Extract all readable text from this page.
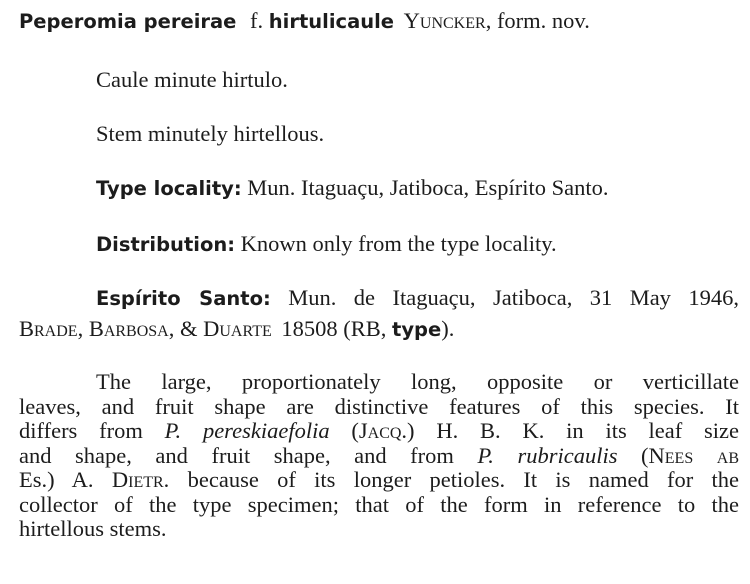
Peperomia pereirae f. hirtulicaule Yuncker, form. nov.
Caule minute hirtulo.
Stem minutely hirtellous.
Type locality: Mun. Itaguaçu, Jatiboca, Espírito Santo.
Distribution: Known only from the type locality.
Espírito Santo: Mun. de Itaguaçu, Jatiboca, 31 May 1946,
Brade, Barbosa, & Duarte 18508 (RB, type).
The large, proportionately long, opposite or verticillate
leaves, and fruit shape are distinctive features of this species. It
differs from P. pereskiaefolia (Jacq.) H. B. K. in its leaf size
and shape, and fruit shape, and from P. rubricaulis (Nees ab
Es.) A. Dietr. because of its longer petioles. It is named for the
collector of the type specimen; that of the form in reference to the
hirtellous stems.
